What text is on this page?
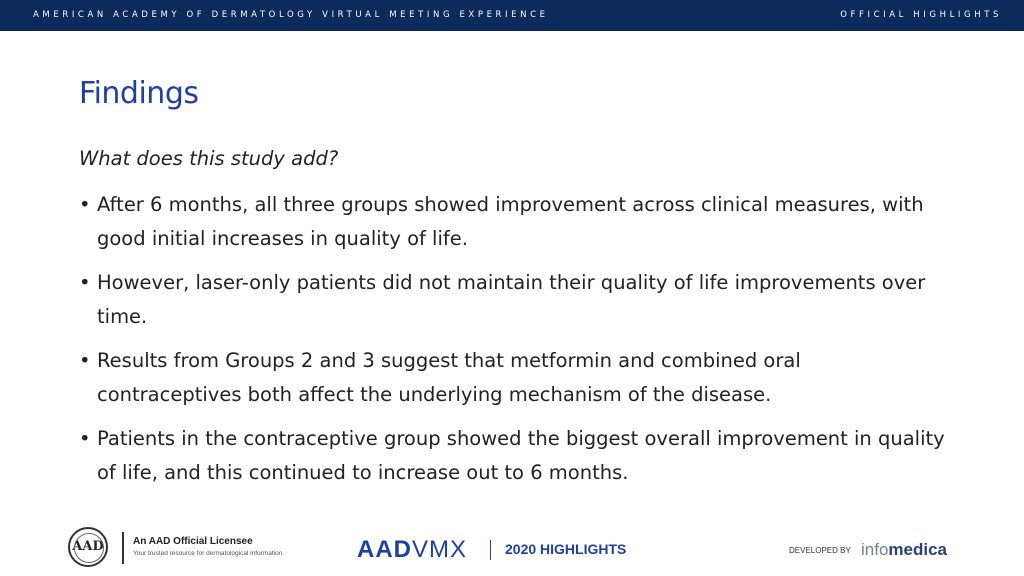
AMERICAN ACADEMY OF DERMATOLOGY VIRTUAL MEETING EXPERIENCE	OFFICIAL HIGHLIGHTS
Findings
What does this study add?
• After 6 months, all three groups showed improvement across clinical measures, with good initial increases in quality of life.
• However, laser-only patients did not maintain their quality of life improvements over time.
• Results from Groups 2 and 3 suggest that metformin and combined oral contraceptives both affect the underlying mechanism of the disease.
• Patients in the contraceptive group showed the biggest overall improvement in quality of life, and this continued to increase out to 6 months.
AAD	An AAD Official Licensee
Your trusted resource for dermatological information.	AADVMX	2020 HIGHLIGHTS	DEVELOPED BY infomedica
